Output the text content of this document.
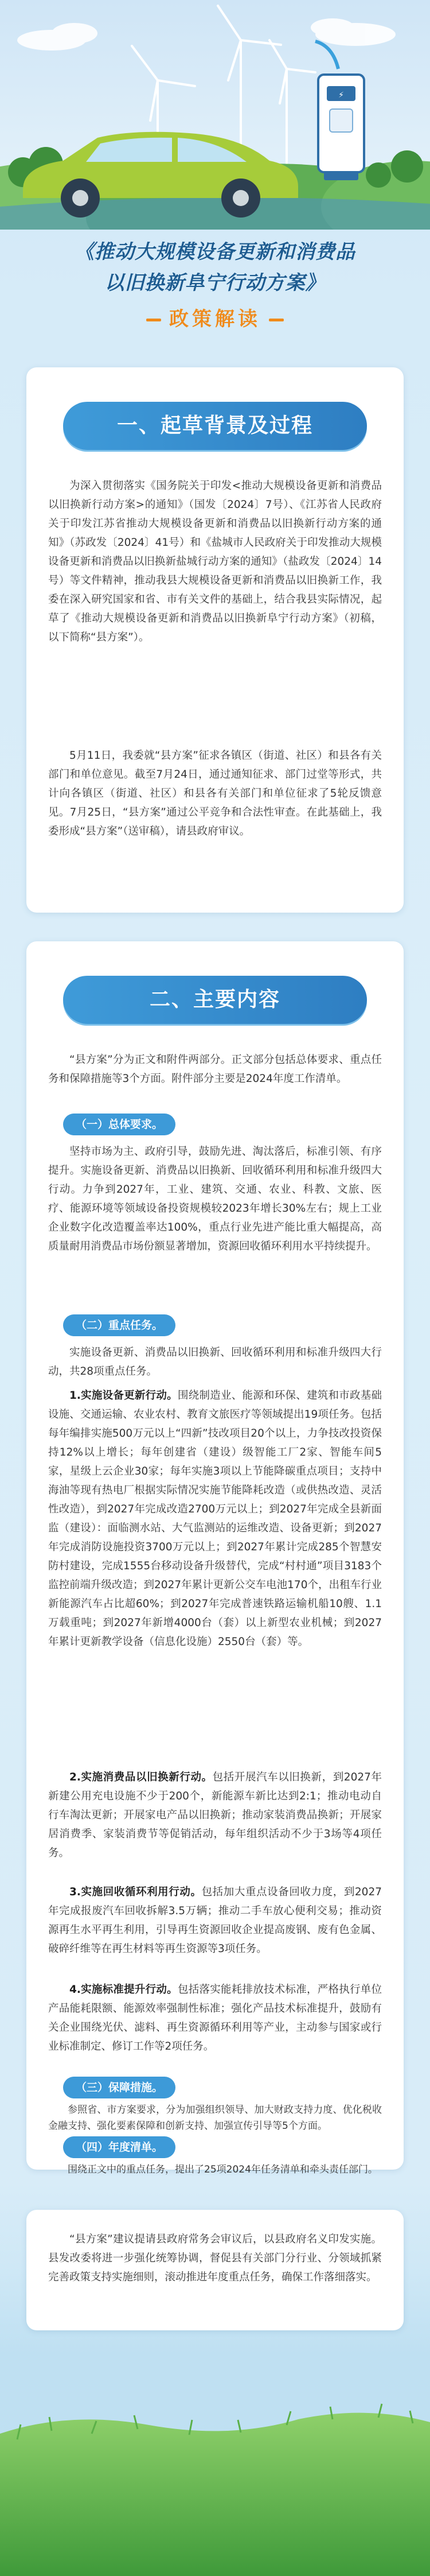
⚡
《推动大规模设备更新和消费品
以旧换新阜宁行动方案》
政策解读
一、起草背景及过程

为深入贯彻落实《国务院关于印发<推动大规模设备更新和消费品以旧换新行动方案>的通知》（国发〔2024〕7号）、《江苏省人民政府关于印发江苏省推动大规模设备更新和消费品以旧换新行动方案的通知》（苏政发〔2024〕41号）和《盐城市人民政府关于印发推动大规模设备更新和消费品以旧换新盐城行动方案的通知》（盐政发〔2024〕14号）等文件精神，推动我县大规模设备更新和消费品以旧换新工作，我委在深入研究国家和省、市有关文件的基础上，结合我县实际情况，起草了《推动大规模设备更新和消费品以旧换新阜宁行动方案》（初稿，以下简称“县方案”）。

5月11日，我委就“县方案”征求各镇区（街道、社区）和县各有关部门和单位意见。截至7月24日，通过通知征求、部门过堂等形式，共计向各镇区（街道、社区）和县各有关部门和单位征求了5轮反馈意见。7月25日，“县方案”通过公平竞争和合法性审查。在此基础上，我委形成“县方案”（送审稿），请县政府审议。

二、主要内容

“县方案”分为正文和附件两部分。正文部分包括总体要求、重点任务和保障措施等3个方面。附件部分主要是2024年度工作清单。

（一）总体要求。

坚持市场为主、政府引导，鼓励先进、淘汰落后，标准引领、有序提升。实施设备更新、消费品以旧换新、回收循环利用和标准升级四大行动。力争到2027年，工业、建筑、交通、农业、科教、文旅、医疗、能源环境等领域设备投资规模较2023年增长30%左右；规上工业企业数字化改造覆盖率达100%，重点行业先进产能比重大幅提高，高质量耐用消费品市场份额显著增加，资源回收循环利用水平持续提升。

（二）重点任务。

实施设备更新、消费品以旧换新、回收循环利用和标准升级四大行动，共28项重点任务。

1.实施设备更新行动。围绕制造业、能源和环保、建筑和市政基础设施、交通运输、农业农村、教育文旅医疗等领域提出19项任务。包括每年编排实施500万元以上“四新”技改项目20个以上，力争技改投资保持12%以上增长；每年创建省（建设）级智能工厂2家、智能车间5家，星级上云企业30家；每年实施3项以上节能降碳重点项目；支持中海油等现有热电厂根据实际情况实施节能降耗改造（或供热改造、灵活性改造），到2027年完成改造2700万元以上；到2027年完成全县新面监（建设）：面临测水站、大气监测站的运维改造、设备更新；到2027年完成消防设施投资3700万元以上；到2027年累计完成285个智慧安防村建设，完成1555台移动设备升级替代，完成“村村通”项目3183个监控前端升级改造；到2027年累计更新公交车电池170个，出租车行业新能源汽车占比超60%；到2027年完成普速铁路运输机船10艘、1.1万载重吨；到2027年新增4000台（套）以上新型农业机械；到2027年累计更新教学设备（信息化设施）2550台（套）等。

2.实施消费品以旧换新行动。包括开展汽车以旧换新，到2027年新建公用充电设施不少于200个，新能源车新比达到2:1；推动电动自行车淘汰更新；开展家电产品以旧换新；推动家装消费品换新；开展家居消费季、家装消费节等促销活动，每年组织活动不少于3场等4项任务。

3.实施回收循环利用行动。包括加大重点设备回收力度，到2027年完成报废汽车回收拆解3.5万辆；推动二手车放心便利交易；推动资源再生水平再生利用，引导再生资源回收企业提高废钢、废有色金属、破碎纤维等在再生材料等再生资源等3项任务。

4.实施标准提升行动。包括落实能耗排放技术标准，严格执行单位产品能耗限额、能源效率强制性标准；强化产品技术标准提升，鼓励有关企业围绕光伏、滤料、再生资源循环利用等产业，主动参与国家或行业标准制定、修订工作等2项任务。

（三）保障措施。

参照省、市方案要求，分为加强组织领导、加大财政支持力度、优化税收金融支持、强化要素保障和创新支持、加强宣传引导等5个方面。

（四）年度清单。

围绕正文中的重点任务，提出了25项2024年任务清单和牵头责任部门。

“县方案”建议提请县政府常务会审议后，以县政府名义印发实施。县发改委将进一步强化统筹协调，督促县有关部门分行业、分领域抓紧完善政策支持实施细则，滚动推进年度重点任务，确保工作落细落实。
